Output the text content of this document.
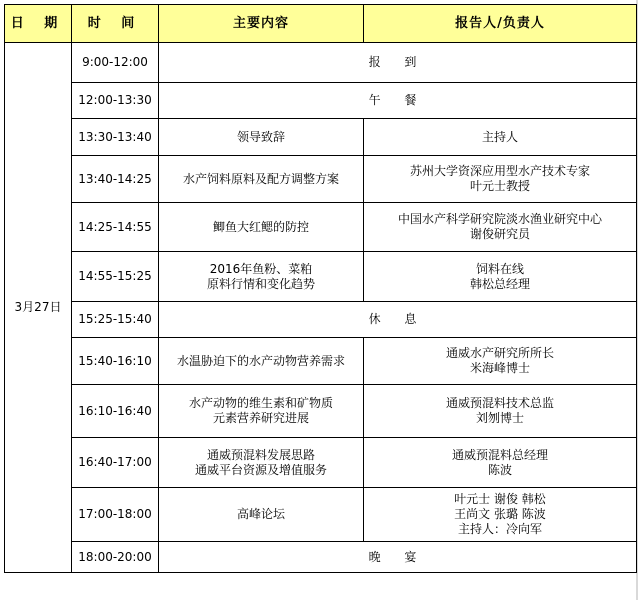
日 期	时 间	主要内容	报告人/负责人
3月27日	9:00-12:00	报 到	
	12:00-13:30	午 餐	
	13:30-13:40	领导致辞	主持人

	13:40-14:25	水产饲料原料及配方调整方案	苏州大学资深应用型水产技术专家
叶元士教授

	14:25-14:55	鲫鱼大红鳃的防控	中国水产科学研究院淡水渔业研究中心
谢俊研究员

	14:55-15:25	2016年鱼粉、菜粕
原料行情和变化趋势	饲料在线
韩松总经理

	15:25-15:40	休 息	
	15:40-16:10	水温胁迫下的水产动物营养需求	通威水产研究所所长
米海峰博士

	16:10-16:40	水产动物的维生素和矿物质
元素营养研究进展	通威预混料技术总监
刘刎博士

	16:40-17:00	通威预混料发展思路
通威平台资源及增值服务	通威预混料总经理
陈波

	17:00-18:00	高峰论坛	叶元士 谢俊 韩松
王尚文 张璐 陈波
主持人：冷向军

	18:00-20:00	晚 宴	
